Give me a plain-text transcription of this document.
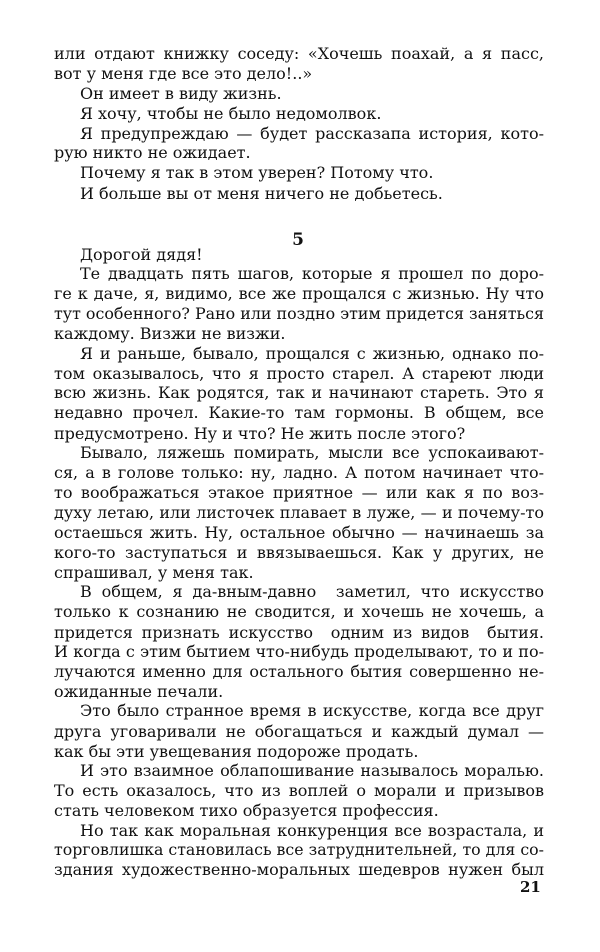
5
21
или отдают книжку соседу: «Хочешь поахай, а я пасс,
вот у меня где все это дело!..»
Он имеет в виду жизнь.
Я хочу, чтобы не было недомолвок.
Я предупреждаю — будет рассказапа история, кото-
рую никто не ожидает.
Почему я так в этом уверен? Потому что.
И больше вы от меня ничего не добьетесь.
Дорогой дядя!
Те двадцать пять шагов, которые я прошел по доро-
ге к даче, я, видимо, все же прощался с жизнью. Ну что
тут особенного? Рано или поздно этим придется заняться
каждому. Визжи не визжи.
Я и раньше, бывало, прощался с жизнью, однако по-
том оказывалось, что я просто старел. А стареют люди
всю жизнь. Как родятся, так и начинают стареть. Это я
недавно прочел. Какие-то там гормоны. В общем, все
предусмотрено. Ну и что? Не жить после этого?
Бывало, ляжешь помирать, мысли все успокаивают-
ся, а в голове только: ну, ладно. А потом начинает что-
то воображаться этакое приятное — или как я по воз-
духу летаю, или листочек плавает в луже, — и почему-то
остаешься жить. Ну, остальное обычно — начинаешь за
кого-то заступаться и ввязываешься. Как у других, не
спрашивал, у меня так.
В общем, я да-вным-давно  заметил, что искусство
только к сознанию не сводится, и хочешь не хочешь, а
придется признать искусство  одним из видов  бытия.
И когда с этим бытием что-нибудь проделывают, то и по-
лучаются именно для остального бытия совершенно не-
ожиданные печали.
Это было странное время в искусстве, когда все друг
друга уговаривали не обогащаться и каждый думал —
как бы эти увещевания подороже продать.
И это взаимное облапошивание называлось моралью.
То есть оказалось, что из воплей о морали и призывов
стать человеком тихо образуется профессия.
Но так как моральная конкуренция все возрастала, и
торговлишка становилась все затруднительней, то для со-
здания художественно-моральных шедевров нужен был
